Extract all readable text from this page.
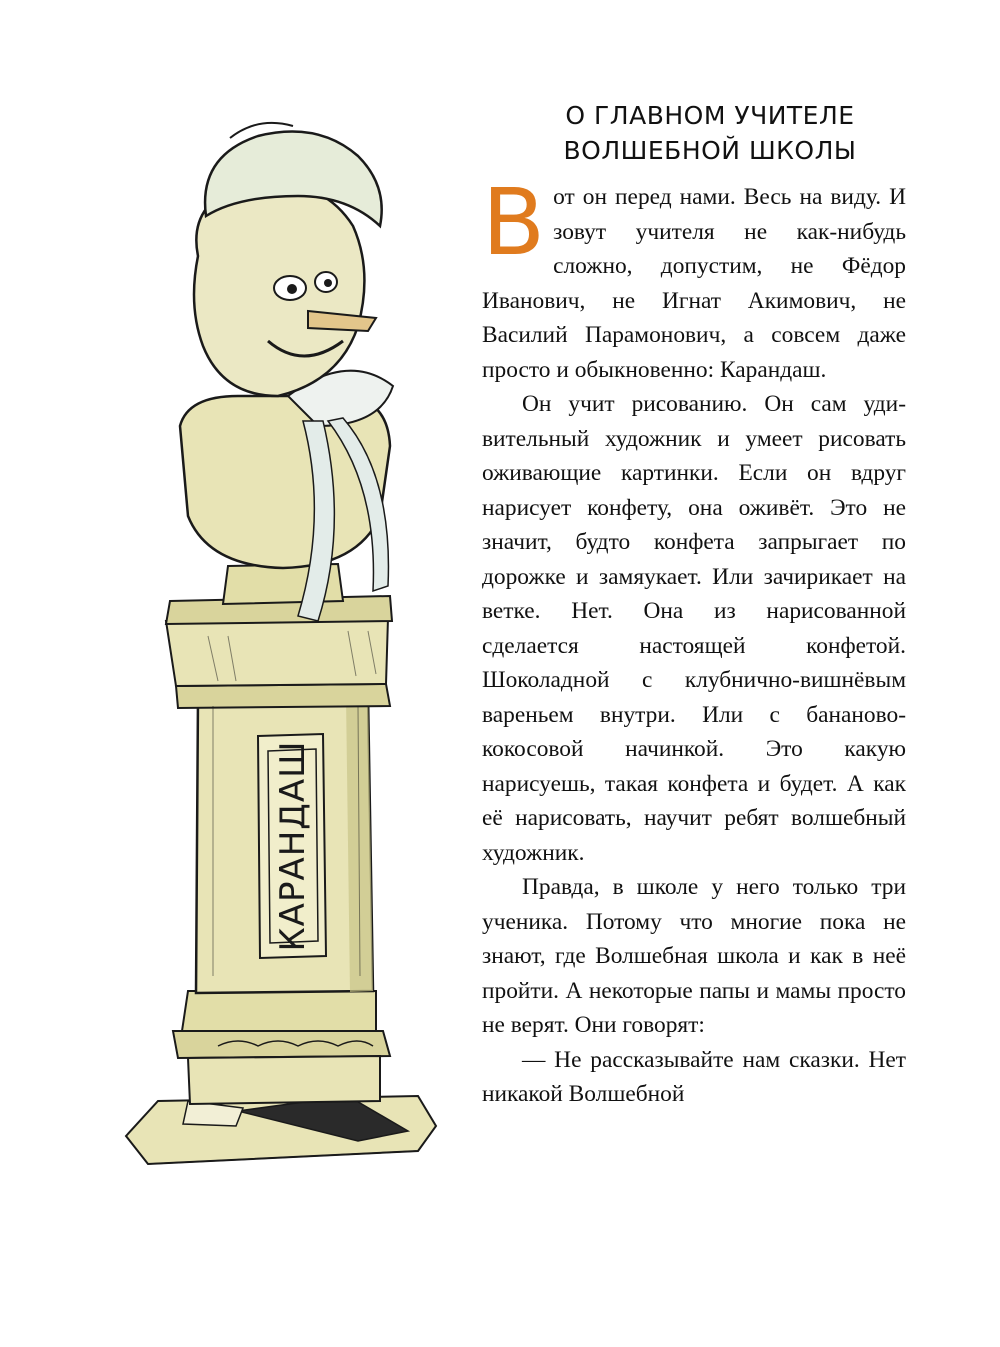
КАРАНДАШ
О ГЛАВНОМ УЧИТЕЛЕ
ВОЛШЕБНОЙ ШКОЛЫ

Вот он перед нами. Весь на виду. И зовут учителя не как-нибудь сложно, допустим, не Фёдор Иванович, не Игнат Акимович, не Василий Парамонович, а совсем даже просто и обыкновенно: Карандаш.

Он учит рисованию. Он сам удивительный художник и умеет рисовать оживающие картинки. Если он вдруг нарисует конфету, она оживёт. Это не значит, будто конфета запрыгает по дорожке и замяукает. Или зачирикает на ветке. Нет. Она из нарисованной сделается настоящей конфетой. Шоколадной с клубнично-вишнёвым вареньем внутри. Или с бананово-кокосовой начинкой. Это какую нарисуешь, такая конфета и будет. А как её нарисовать, научит ребят волшебный художник.

Правда, в школе у него только три ученика. Потому что многие пока не знают, где Волшебная школа и как в неё пройти. А некоторые папы и мамы просто не верят. Они говорят:

— Не рассказывайте нам сказки. Нет никакой Волшебной
